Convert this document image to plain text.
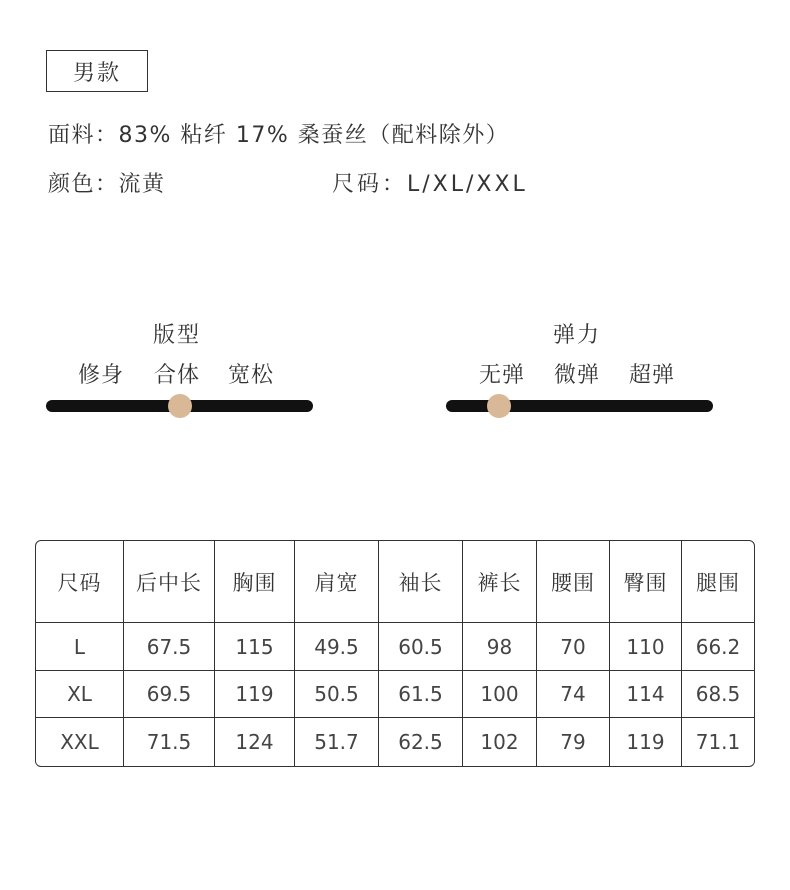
男款
面料：83% 粘纤 17% 桑蚕丝（配料除外）
颜色：流黄	尺码：L/XL/XXL
版型
修身 合体 宽松
弹力
无弹 微弹 超弹
尺码	后中长	胸围	肩宽	袖长	裤长	腰围	臀围	腿围
L	67.5	115	49.5	60.5	98	70	110	66.2
XL	69.5	119	50.5	61.5	100	74	114	68.5
XXL	71.5	124	51.7	62.5	102	79	119	71.1
